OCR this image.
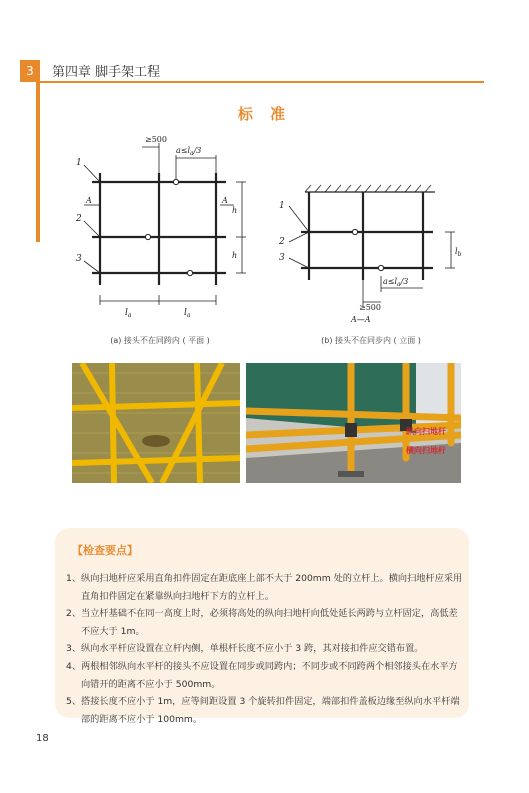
3	第四章 脚手架工程
标 准
1
2
3
≥500
$a\le l_a/3$
A	A
h
h
$l_a$	$l_a$
(a) 接头不在同跨内 ( 平面 )
1
2
3
$l_b$
$a\le l_a/3$
≥500
A—A
(b) 接头不在同步内 ( 立面 )
纵向扫地杆
横向扫地杆
【检查要点】
1、纵向扫地杆应采用直角扣件固定在距底座上部不大于 200mm 处的立杆上。横向扫地杆应采用直角扣件固定在紧靠纵向扫地杆下方的立杆上。
2、当立杆基础不在同一高度上时，必须将高处的纵向扫地杆向低处延长两跨与立杆固定，高低差不应大于 1m。
3、纵向水平杆应设置在立杆内侧，单根杆长度不应小于 3 跨，其对接扣件应交错布置。
4、两根相邻纵向水平杆的接头不应设置在同步或同跨内；不同步或不同跨两个相邻接头在水平方向错开的距离不应小于 500mm。
5、搭接长度不应小于 1m，应等间距设置 3 个旋转扣件固定，端部扣件盖板边缘至纵向水平杆端部的距离不应小于 100mm。
18
